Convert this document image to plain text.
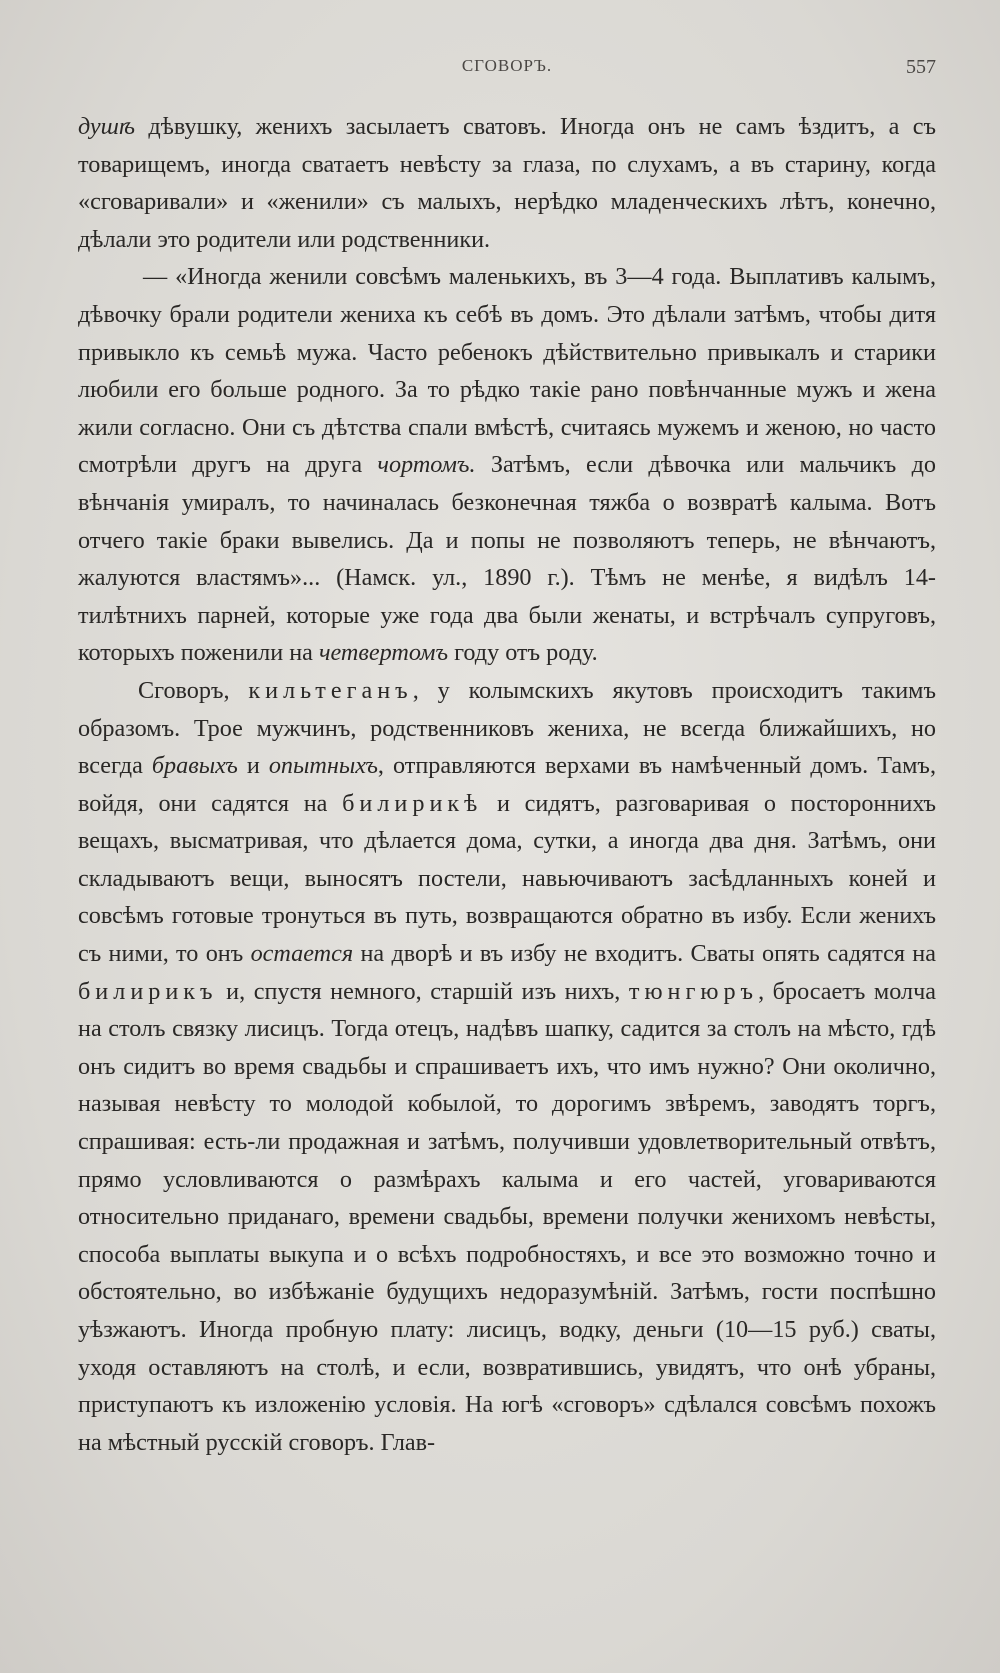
СГОВОРЪ.	557

душѣ дѣвушку, женихъ засылаетъ сватовъ. Иногда онъ не самъ ѣздитъ, а съ товарищемъ, иногда сватаетъ невѣсту за глаза, по слухамъ, а въ старину, когда «сговаривали» и «женили» съ малыхъ, нерѣдко младенческихъ лѣтъ, конечно, дѣлали это родители или родственники.

— «Иногда женили совсѣмъ маленькихъ, въ 3—4 года. Выплативъ калымъ, дѣвочку брали родители жениха къ себѣ въ домъ. Это дѣлали затѣмъ, чтобы дитя привыкло къ семьѣ мужа. Часто ребенокъ дѣйствительно привыкалъ и старики любили его больше родного. За то рѣдко такіе рано повѣнчанные мужъ и жена жили согласно. Они съ дѣтства спали вмѣстѣ, считаясь мужемъ и женою, но часто смотрѣли другъ на друга чортомъ. Затѣмъ, если дѣвочка или мальчикъ до вѣнчанія умиралъ, то начиналась безконечная тяжба о возвратѣ калыма. Вотъ отчего такіе браки вывелись. Да и попы не позволяютъ теперь, не вѣнчаютъ, жалуются властямъ»... (Намск. ул., 1890 г.). Тѣмъ не менѣе, я видѣлъ 14-тилѣтнихъ парней, которые уже года два были женаты, и встрѣчалъ супруговъ, которыхъ поженили на четвертомъ году отъ роду.

Сговоръ, кильтеганъ, у колымскихъ якутовъ происходитъ такимъ образомъ. Трое мужчинъ, родственниковъ жениха, не всегда ближайшихъ, но всегда бравыхъ и опытныхъ, отправляются верхами въ намѣченный домъ. Тамъ, войдя, они садятся на билирикѣ и сидятъ, разговаривая о постороннихъ вещахъ, высматривая, что дѣлается дома, сутки, а иногда два дня. Затѣмъ, они складываютъ вещи, выносятъ постели, навьючиваютъ засѣдланныхъ коней и совсѣмъ готовые тронуться въ путь, возвращаются обратно въ избу. Если женихъ съ ними, то онъ остается на дворѣ и въ избу не входитъ. Сваты опять садятся на билирикъ и, спустя немного, старшій изъ нихъ, тюнгюръ, бросаетъ молча на столъ связку лисицъ. Тогда отецъ, надѣвъ шапку, садится за столъ на мѣсто, гдѣ онъ сидитъ во время свадьбы и спрашиваетъ ихъ, что имъ нужно? Они околично, называя невѣсту то молодой кобылой, то дорогимъ звѣремъ, заводятъ торгъ, спрашивая: есть-ли продажная и затѣмъ, получивши удовлетворительный отвѣтъ, прямо условливаются о размѣрахъ калыма и его частей, уговариваются относительно приданаго, времени свадьбы, времени получки женихомъ невѣсты, способа выплаты выкупа и о всѣхъ подробностяхъ, и все это возможно точно и обстоятельно, во избѣжаніе будущихъ недоразумѣній. Затѣмъ, гости поспѣшно уѣзжаютъ. Иногда пробную плату: лисицъ, водку, деньги (10—15 руб.) сваты, уходя оставляютъ на столѣ, и если, возвратившись, увидятъ, что онѣ убраны, приступаютъ къ изложенію условія. На югѣ «сговоръ» сдѣлался совсѣмъ похожъ на мѣстный русскій сговоръ. Глав-
